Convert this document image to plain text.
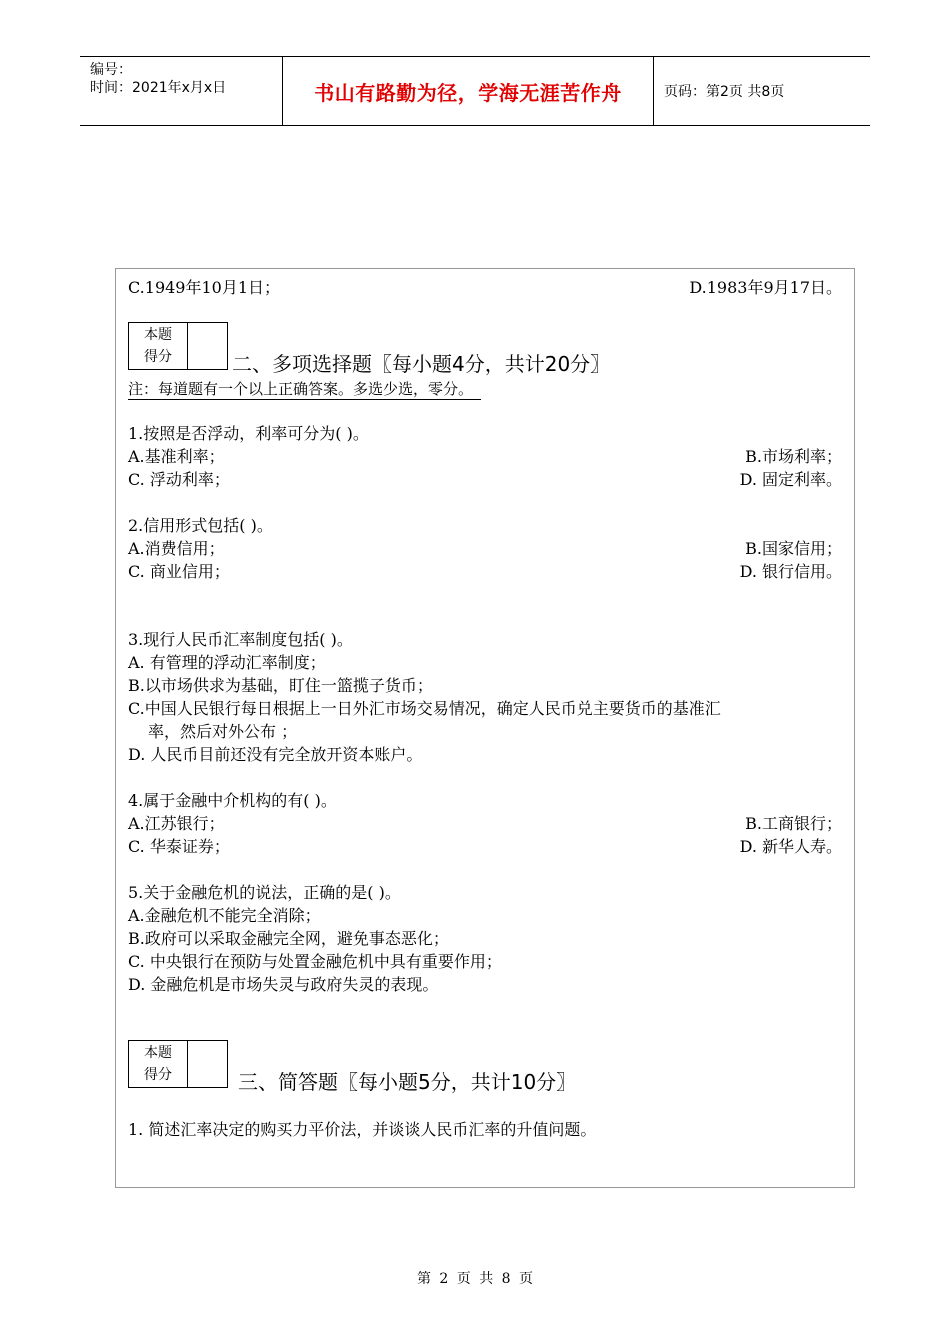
编号：
时间：2021年x月x日	书山有路勤为径，学海无涯苦作舟	页码：第2页 共8页
C.1949年10月1日；	D.1983年9月17日。
本题
得分	二、多项选择题〖每小题4分，共计20分〗
注：每道题有一个以上正确答案。多选少选，零分。
1.按照是否浮动，利率可分为( )。
A.基准利率；	B.市场利率；
C. 浮动利率；	D. 固定利率。
2.信用形式包括( )。
A.消费信用；	B.国家信用；
C. 商业信用；	D. 银行信用。
3.现行人民币汇率制度包括( )。
A. 有管理的浮动汇率制度；
B.以市场供求为基础，盯住一篮揽子货币；
C.中国人民银行每日根据上一日外汇市场交易情况，确定人民币兑主要货币的基准汇
率，然后对外公布 ；
D. 人民币目前还没有完全放开资本账户。
4.属于金融中介机构的有( )。
A.江苏银行；	B.工商银行；
C. 华泰证券；	D. 新华人寿。
5.关于金融危机的说法，正确的是( )。
A.金融危机不能完全消除；
B.政府可以采取金融完全网，避免事态恶化；
C. 中央银行在预防与处置金融危机中具有重要作用；
D. 金融危机是市场失灵与政府失灵的表现。
本题
得分	三、简答题〖每小题5分，共计10分〗
1. 简述汇率决定的购买力平价法，并谈谈人民币汇率的升值问题。
第 2 页 共 8 页
